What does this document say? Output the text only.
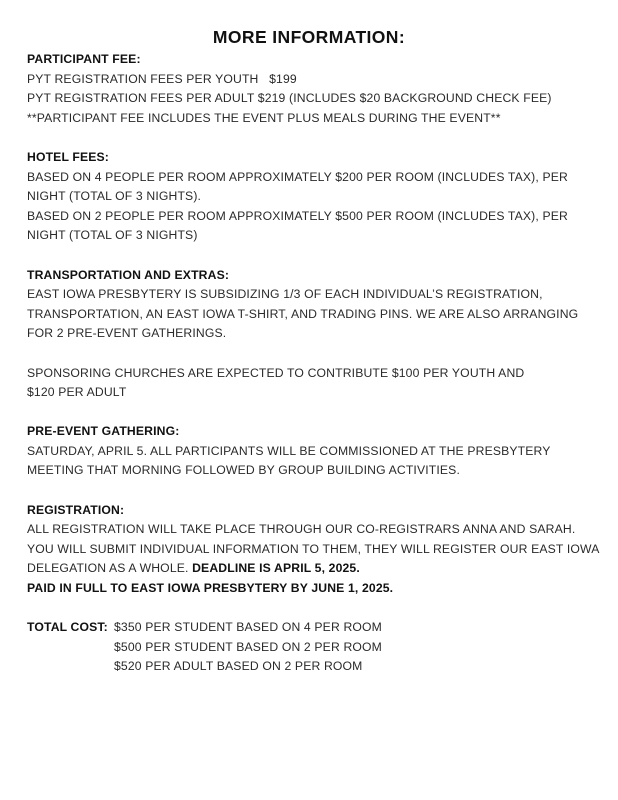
MORE INFORMATION:
PARTICIPANT FEE:
PYT REGISTRATION FEES PER YOUTH   $199
PYT REGISTRATION FEES PER ADULT $219 (INCLUDES $20 BACKGROUND CHECK FEE)
**PARTICIPANT FEE INCLUDES THE EVENT PLUS MEALS DURING THE EVENT**
HOTEL FEES:
BASED ON 4 PEOPLE PER ROOM APPROXIMATELY $200 PER ROOM (INCLUDES TAX), PER
NIGHT (TOTAL OF 3 NIGHTS).
BASED ON 2 PEOPLE PER ROOM APPROXIMATELY $500 PER ROOM (INCLUDES TAX), PER
NIGHT (TOTAL OF 3 NIGHTS)
TRANSPORTATION AND EXTRAS:
EAST IOWA PRESBYTERY IS SUBSIDIZING 1/3 OF EACH INDIVIDUAL’S REGISTRATION,
TRANSPORTATION, AN EAST IOWA T-SHIRT, AND TRADING PINS. WE ARE ALSO ARRANGING
FOR 2 PRE-EVENT GATHERINGS.
SPONSORING CHURCHES ARE EXPECTED TO CONTRIBUTE $100 PER YOUTH AND
$120 PER ADULT
PRE-EVENT GATHERING:
SATURDAY, APRIL 5. ALL PARTICIPANTS WILL BE COMMISSIONED AT THE PRESBYTERY
MEETING THAT MORNING FOLLOWED BY GROUP BUILDING ACTIVITIES.
REGISTRATION:
ALL REGISTRATION WILL TAKE PLACE THROUGH OUR CO-REGISTRARS ANNA AND SARAH.
YOU WILL SUBMIT INDIVIDUAL INFORMATION TO THEM, THEY WILL REGISTER OUR EAST IOWA
DELEGATION AS A WHOLE. DEADLINE IS APRIL 5, 2025.
PAID IN FULL TO EAST IOWA PRESBYTERY BY JUNE 1, 2025.
TOTAL COST: $350 PER STUDENT BASED ON 4 PER ROOM
$500 PER STUDENT BASED ON 2 PER ROOM
$520 PER ADULT BASED ON 2 PER ROOM
